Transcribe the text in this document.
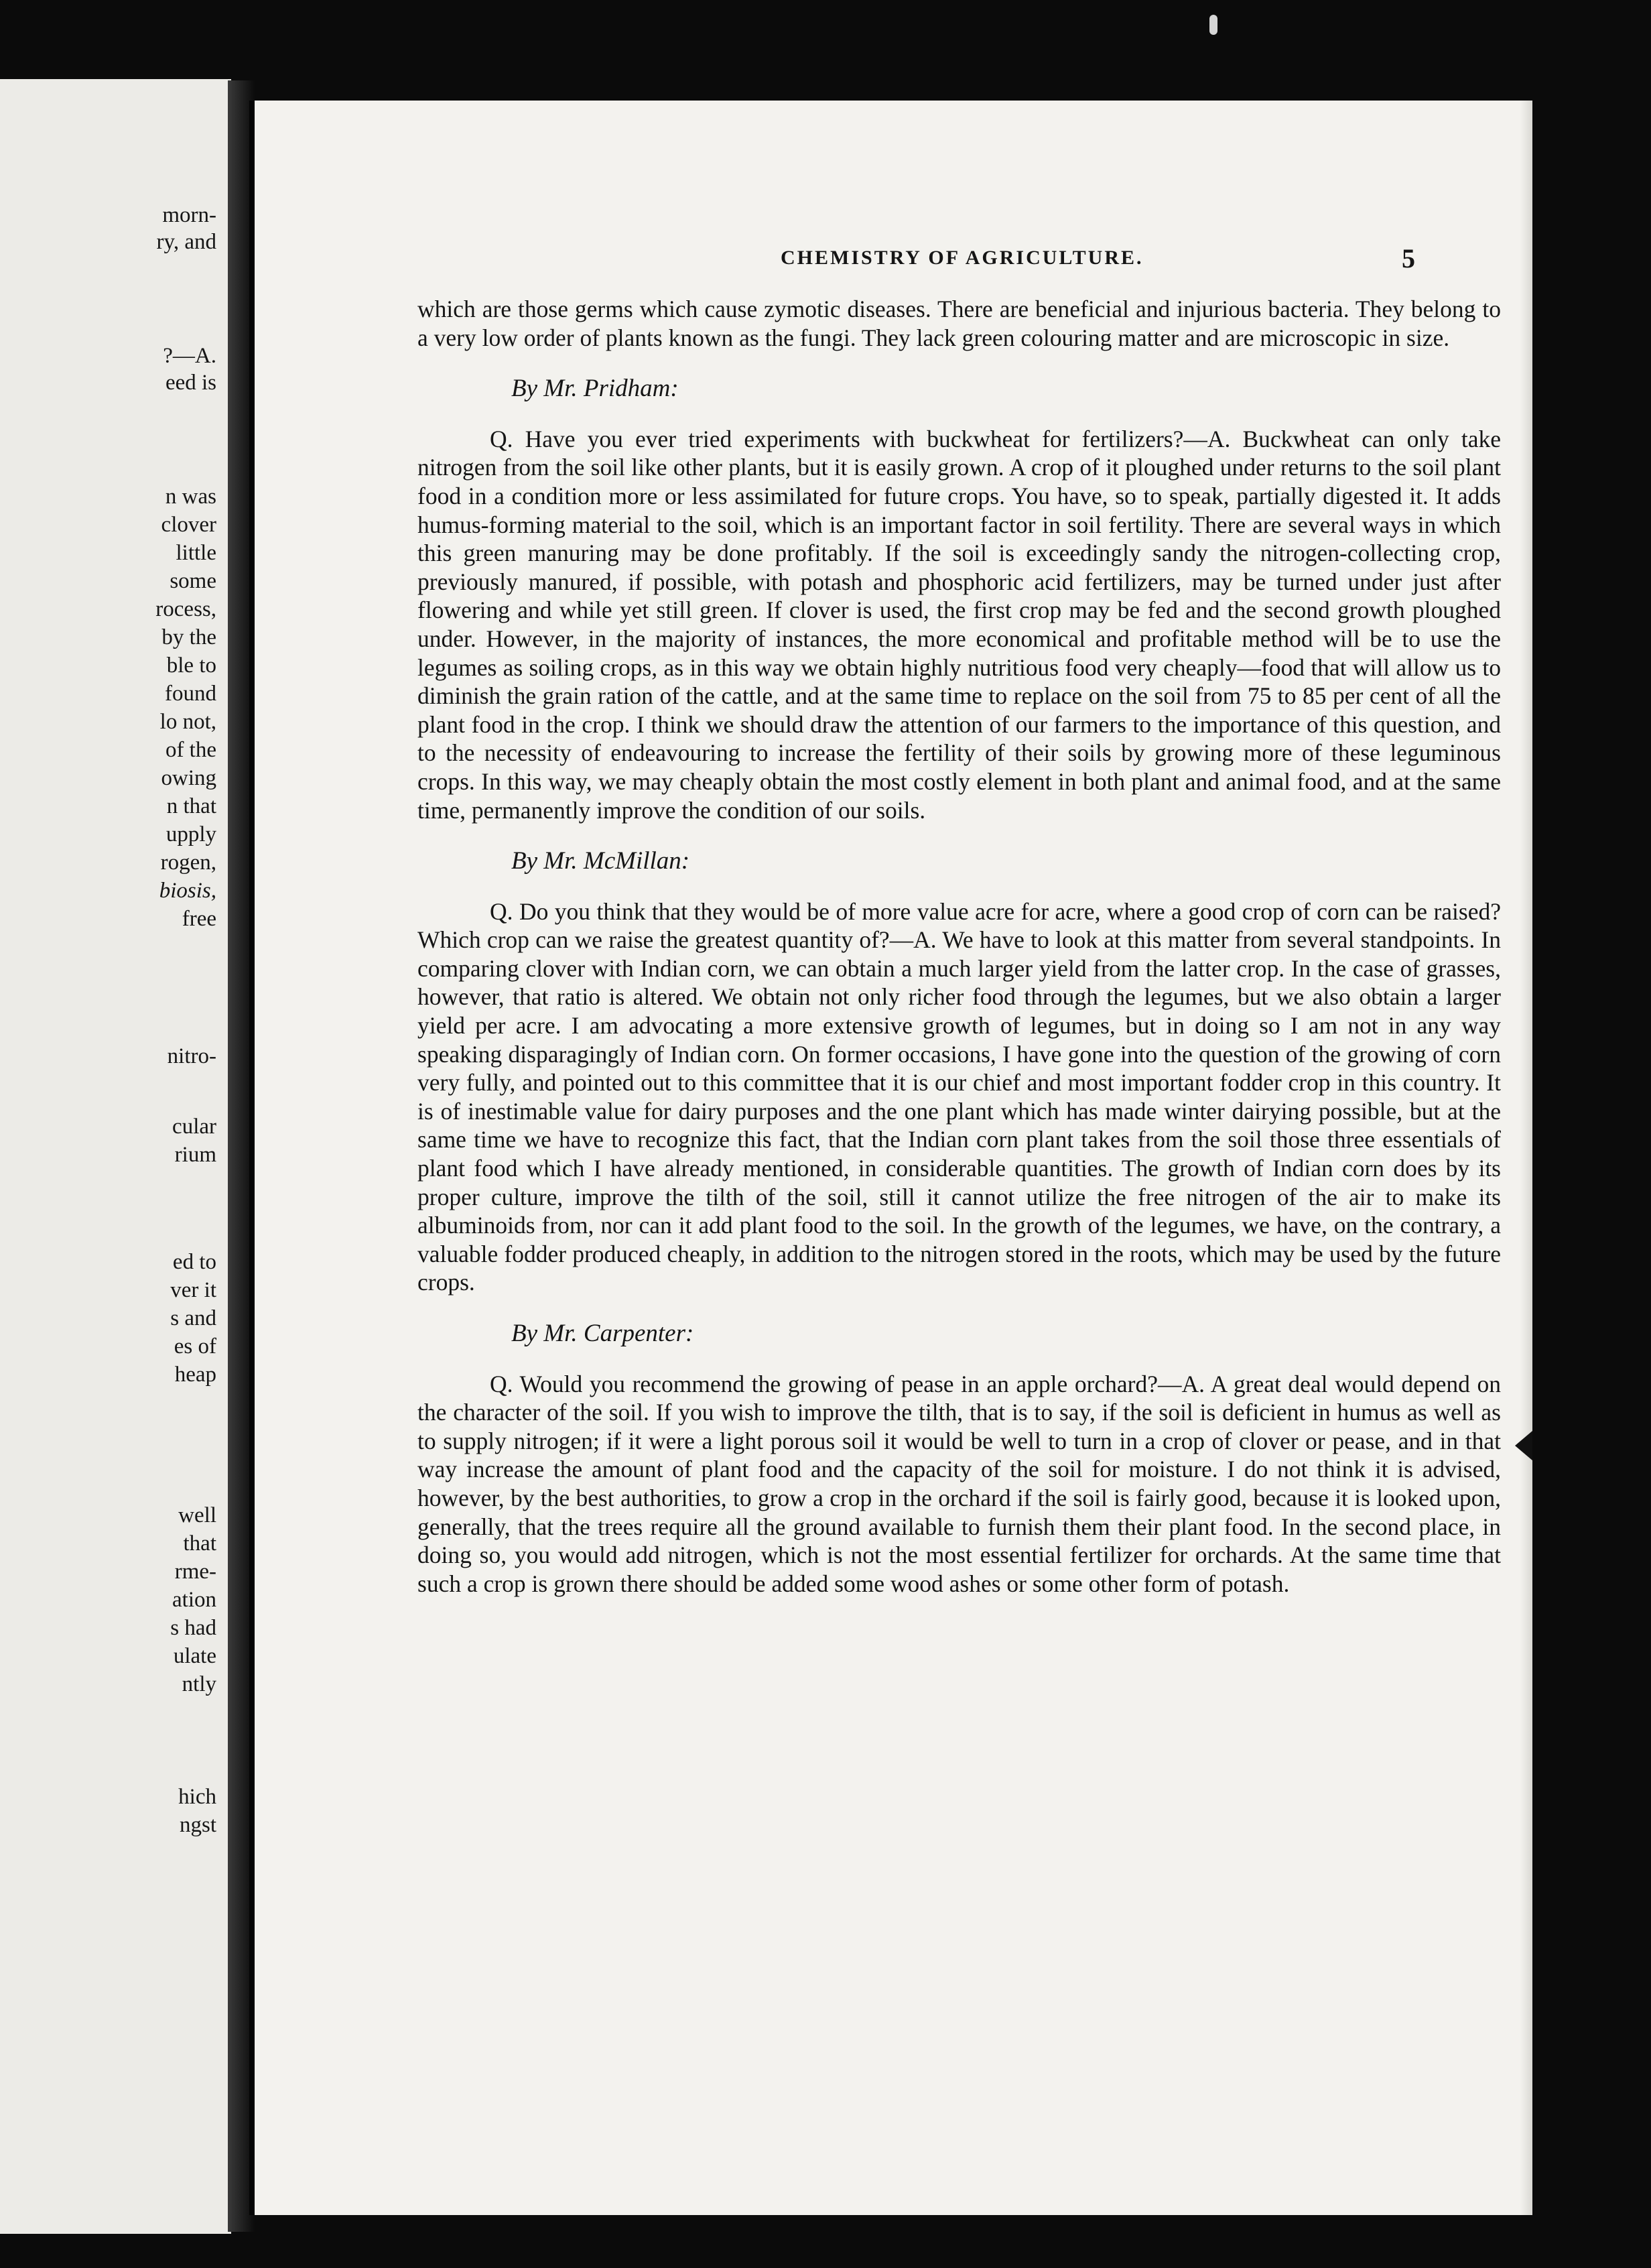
morn-
ry, and
?—A.
eed is
n was
clover
little
some
rocess,
by the
ble to
found
lo not,
of the
owing
n that
upply
rogen,
biosis,
free
nitro-
cular
rium
ed to
ver it
s and
es of
heap
well
that
rme-
ation
s had
ulate
ntly
hich
ngst
CHEMISTRY OF AGRICULTURE.	5

which are those germs which cause zymotic diseases. There are beneficial and injurious bacteria. They belong to a very low order of plants known as the fungi. They lack green colouring matter and are microscopic in size.

By Mr. Pridham:

Q. Have you ever tried experiments with buckwheat for fertilizers?—A. Buckwheat can only take nitrogen from the soil like other plants, but it is easily grown. A crop of it ploughed under returns to the soil plant food in a condition more or less assimilated for future crops. You have, so to speak, partially digested it. It adds humus-forming material to the soil, which is an important factor in soil fertility. There are several ways in which this green manuring may be done profitably. If the soil is exceedingly sandy the nitrogen-collecting crop, previously manured, if possible, with potash and phosphoric acid fertilizers, may be turned under just after flowering and while yet still green. If clover is used, the first crop may be fed and the second growth ploughed under. However, in the majority of instances, the more economical and profitable method will be to use the legumes as soiling crops, as in this way we obtain highly nutritious food very cheaply—food that will allow us to diminish the grain ration of the cattle, and at the same time to replace on the soil from 75 to 85 per cent of all the plant food in the crop. I think we should draw the attention of our farmers to the importance of this question, and to the necessity of endeavouring to increase the fertility of their soils by growing more of these leguminous crops. In this way, we may cheaply obtain the most costly element in both plant and animal food, and at the same time, permanently improve the condition of our soils.

By Mr. McMillan:

Q. Do you think that they would be of more value acre for acre, where a good crop of corn can be raised? Which crop can we raise the greatest quantity of?—A. We have to look at this matter from several standpoints. In comparing clover with Indian corn, we can obtain a much larger yield from the latter crop. In the case of grasses, however, that ratio is altered. We obtain not only richer food through the legumes, but we also obtain a larger yield per acre. I am advocating a more extensive growth of legumes, but in doing so I am not in any way speaking disparagingly of Indian corn. On former occasions, I have gone into the question of the growing of corn very fully, and pointed out to this committee that it is our chief and most important fodder crop in this country. It is of inestimable value for dairy purposes and the one plant which has made winter dairying possible, but at the same time we have to recognize this fact, that the Indian corn plant takes from the soil those three essentials of plant food which I have already mentioned, in considerable quantities. The growth of Indian corn does by its proper culture, improve the tilth of the soil, still it cannot utilize the free nitrogen of the air to make its albuminoids from, nor can it add plant food to the soil. In the growth of the legumes, we have, on the contrary, a valuable fodder produced cheaply, in addition to the nitrogen stored in the roots, which may be used by the future crops.

By Mr. Carpenter:

Q. Would you recommend the growing of pease in an apple orchard?—A. A great deal would depend on the character of the soil. If you wish to improve the tilth, that is to say, if the soil is deficient in humus as well as to supply nitrogen; if it were a light porous soil it would be well to turn in a crop of clover or pease, and in that way increase the amount of plant food and the capacity of the soil for moisture. I do not think it is advised, however, by the best authorities, to grow a crop in the orchard if the soil is fairly good, because it is looked upon, generally, that the trees require all the ground available to furnish them their plant food. In the second place, in doing so, you would add nitrogen, which is not the most essential fertilizer for orchards. At the same time that such a crop is grown there should be added some wood ashes or some other form of potash.
